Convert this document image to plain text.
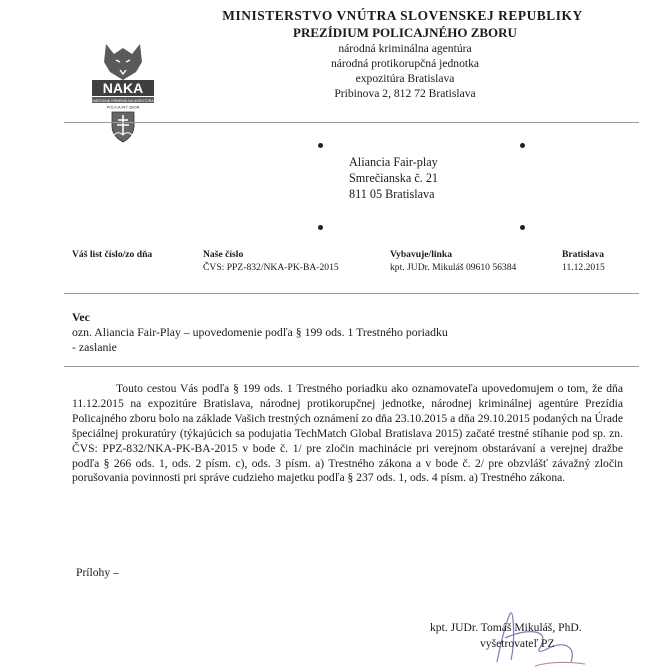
NAKA
NÁRODNÁ KRIMINÁLNA AGENTÚRA
POLICAJNÝ ZBOR
MINISTERSTVO VNÚTRA SLOVENSKEJ REPUBLIKY
PREZÍDIUM POLICAJNÉHO ZBORU
národná kriminálna agentúra
národná protikorupčná jednotka
expozitúra Bratislava
Pribinova 2, 812 72 Bratislava
Aliancia Fair-play
Smrečianska č. 21
811 05 Bratislava
Váš list číslo/zo dňa	Naše číslo
ČVS: PPZ-832/NKA-PK-BA-2015
Vybavuje/linka
kpt. JUDr. Mikuláš 09610 56384
Bratislava
11.12.2015
Vec
ozn. Aliancia Fair-Play – upovedomenie podľa § 199 ods. 1 Trestného poriadku
- zaslanie

Touto cestou Vás podľa § 199 ods. 1 Trestného poriadku ako oznamovateľa upovedomujem o tom, že dňa 11.12.2015 na expozitúre Bratislava, národnej protikorupčnej jednotke, národnej kriminálnej agentúre Prezídia Policajného zboru bolo na základe Vašich trestných oznámení zo dňa 23.10.2015 a dňa 29.10.2015 podaných na Úrade špeciálnej prokuratúry (týkajúcich sa podujatia TechMatch Global Bratislava 2015) začaté trestné stíhanie pod sp. zn. ČVS: PPZ-832/NKA-PK-BA-2015 v bode č. 1/ pre zločin machinácie pri verejnom obstarávaní a verejnej dražbe podľa § 266 ods. 1, ods. 2 písm. c), ods. 3 písm. a) Trestného zákona a v bode č. 2/ pre obzvlášť závažný zločin porušovania povinnosti pri správe cudzieho majetku podľa § 237 ods. 1, ods. 4 písm. a) Trestného zákona.

Prílohy –
kpt. JUDr. Tomáš Mikuláš, PhD.
vyšetrovateľ PZ
